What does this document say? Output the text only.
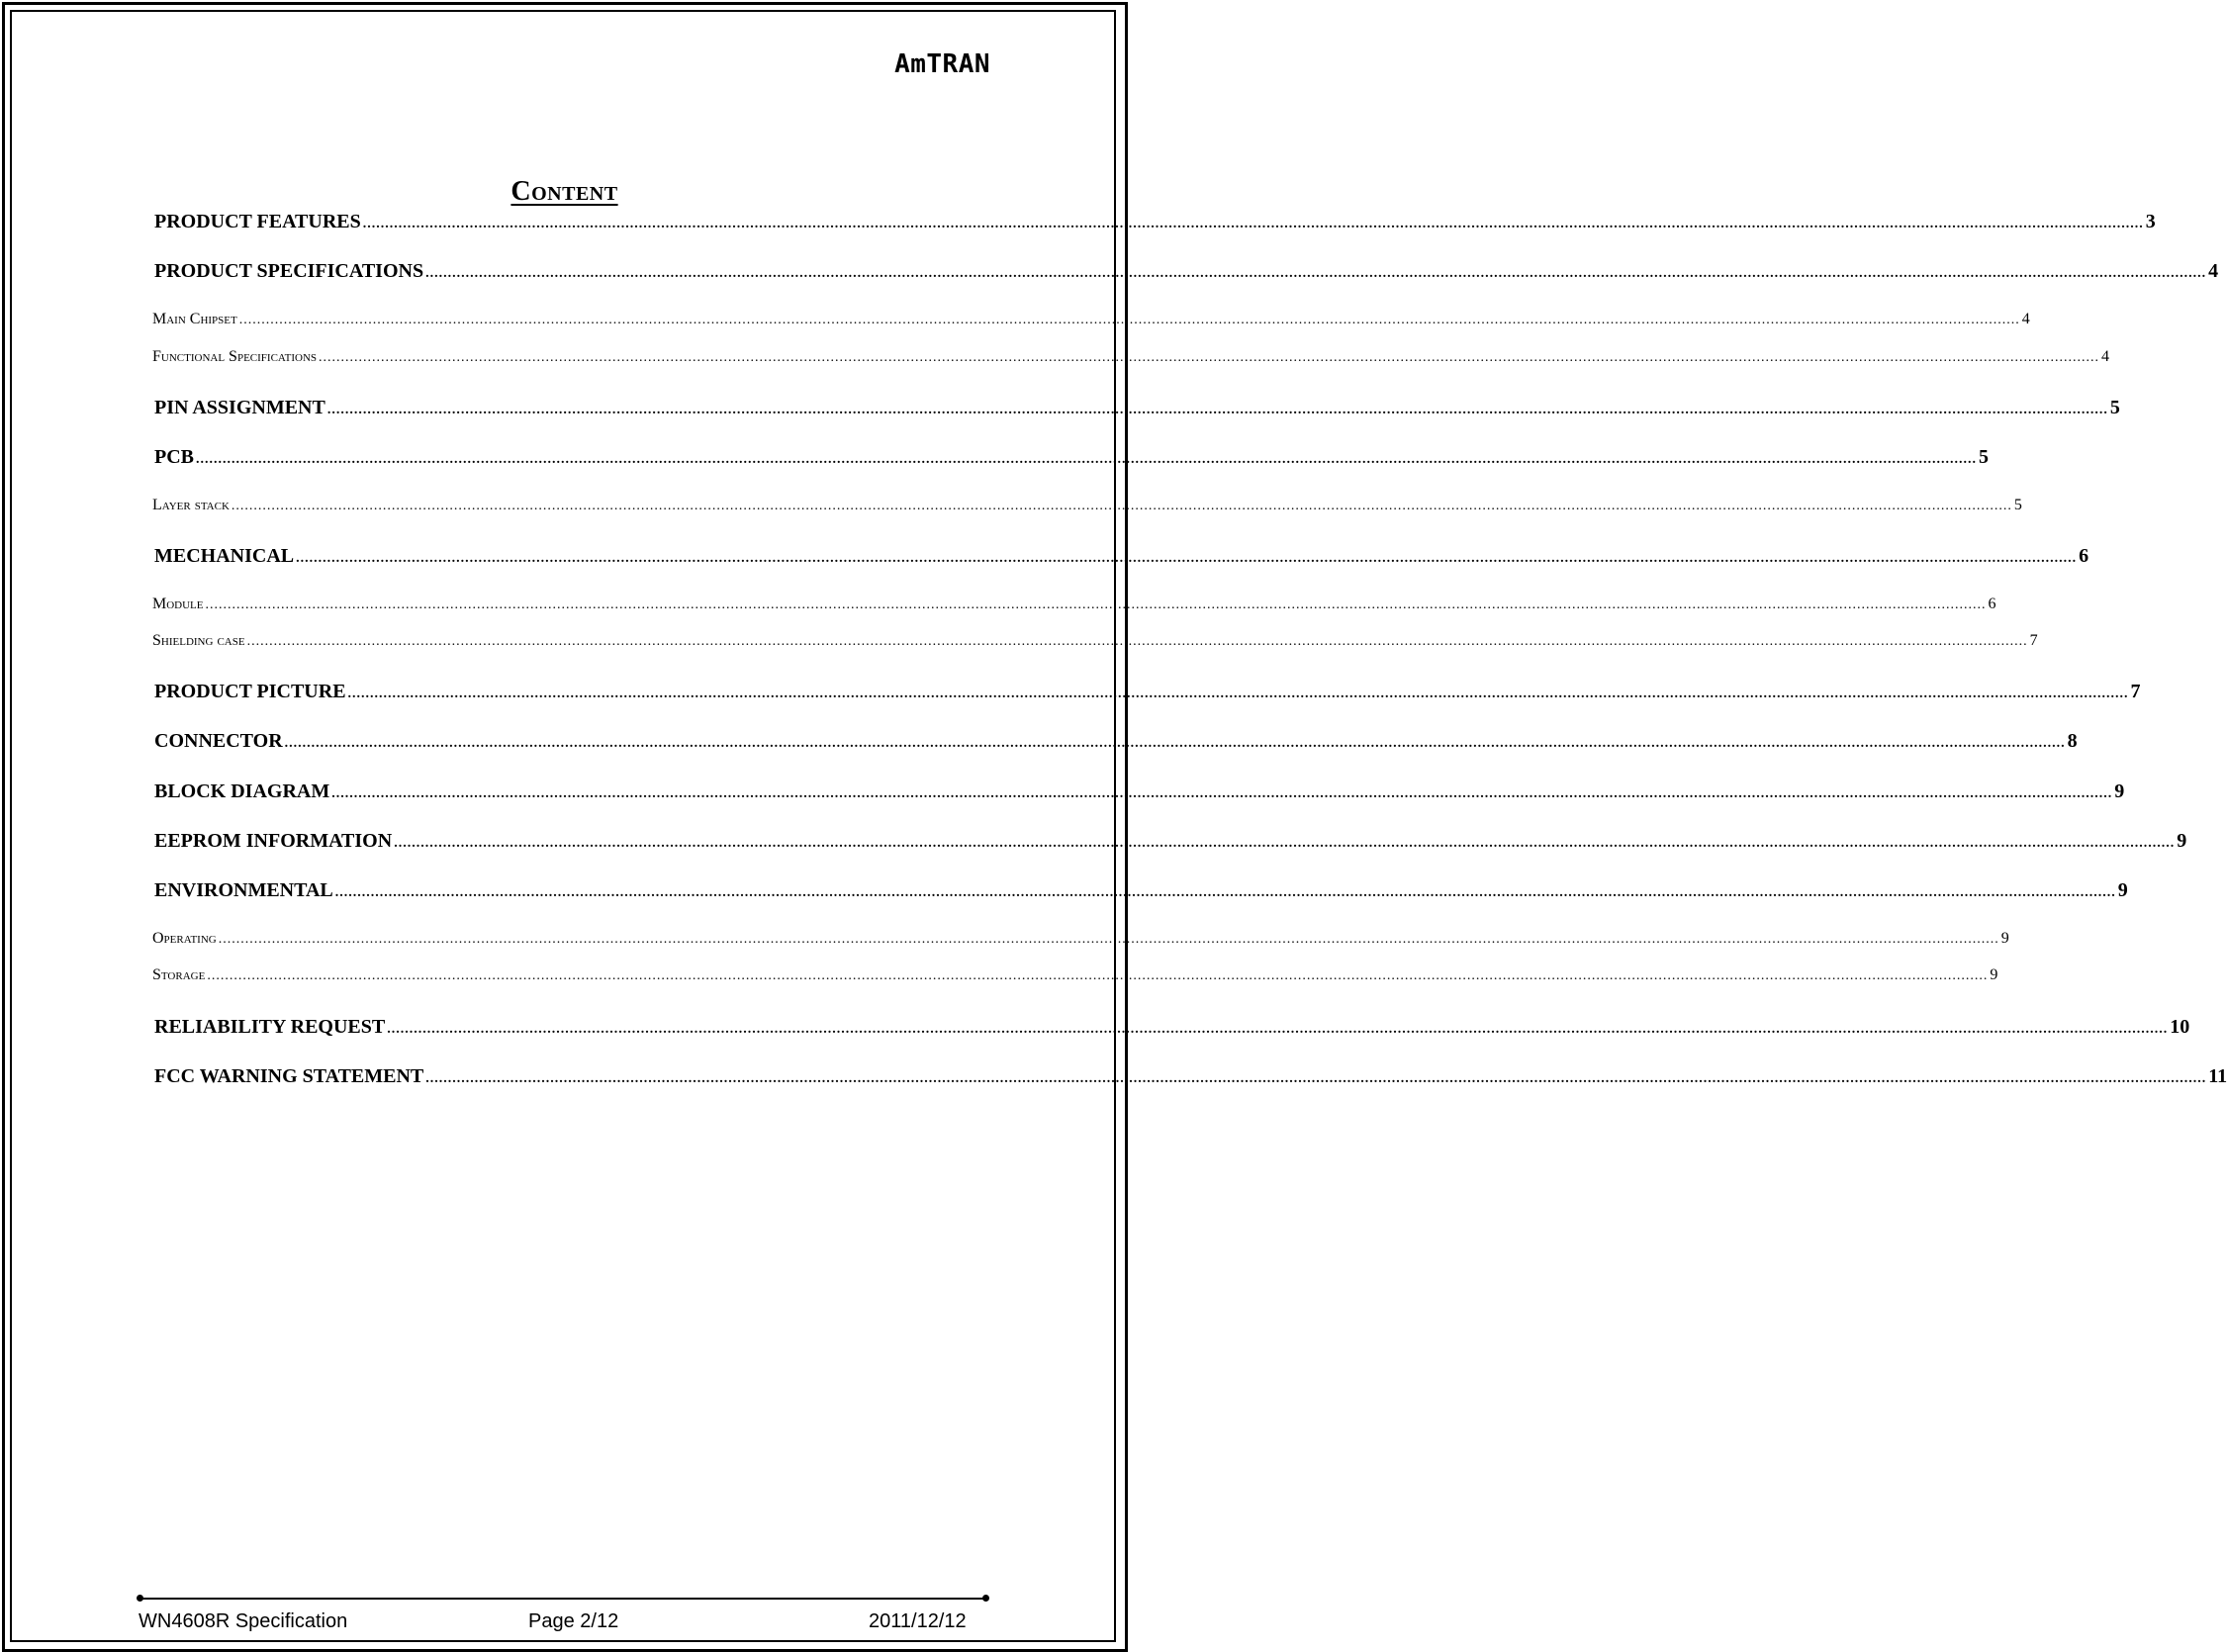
AmTRAN
Content
PRODUCT FEATURES ................................................................................................................................................................................................................................................................................................................................................................................................................ 3
PRODUCT SPECIFICATIONS ................................................................................................................................................................................................................................................................................................................................................................................................................ 4
Main Chipset ................................................................................................................................................................................................................................................................................................................................................................................................................ 4
Functional Specifications ................................................................................................................................................................................................................................................................................................................................................................................................................ 4
PIN ASSIGNMENT ................................................................................................................................................................................................................................................................................................................................................................................................................ 5
PCB ................................................................................................................................................................................................................................................................................................................................................................................................................ 5
Layer stack ................................................................................................................................................................................................................................................................................................................................................................................................................ 5
MECHANICAL ................................................................................................................................................................................................................................................................................................................................................................................................................ 6
Module ................................................................................................................................................................................................................................................................................................................................................................................................................ 6
Shielding case ................................................................................................................................................................................................................................................................................................................................................................................................................ 7
PRODUCT PICTURE ................................................................................................................................................................................................................................................................................................................................................................................................................ 7
CONNECTOR ................................................................................................................................................................................................................................................................................................................................................................................................................ 8
BLOCK DIAGRAM ................................................................................................................................................................................................................................................................................................................................................................................................................ 9
EEPROM INFORMATION ................................................................................................................................................................................................................................................................................................................................................................................................................ 9
ENVIRONMENTAL ................................................................................................................................................................................................................................................................................................................................................................................................................ 9
Operating ................................................................................................................................................................................................................................................................................................................................................................................................................ 9
Storage ................................................................................................................................................................................................................................................................................................................................................................................................................ 9
RELIABILITY REQUEST ................................................................................................................................................................................................................................................................................................................................................................................................................ 10
FCC WARNING STATEMENT ................................................................................................................................................................................................................................................................................................................................................................................................................ 11
WN4608R Specification	Page 2/12	2011/12/12
